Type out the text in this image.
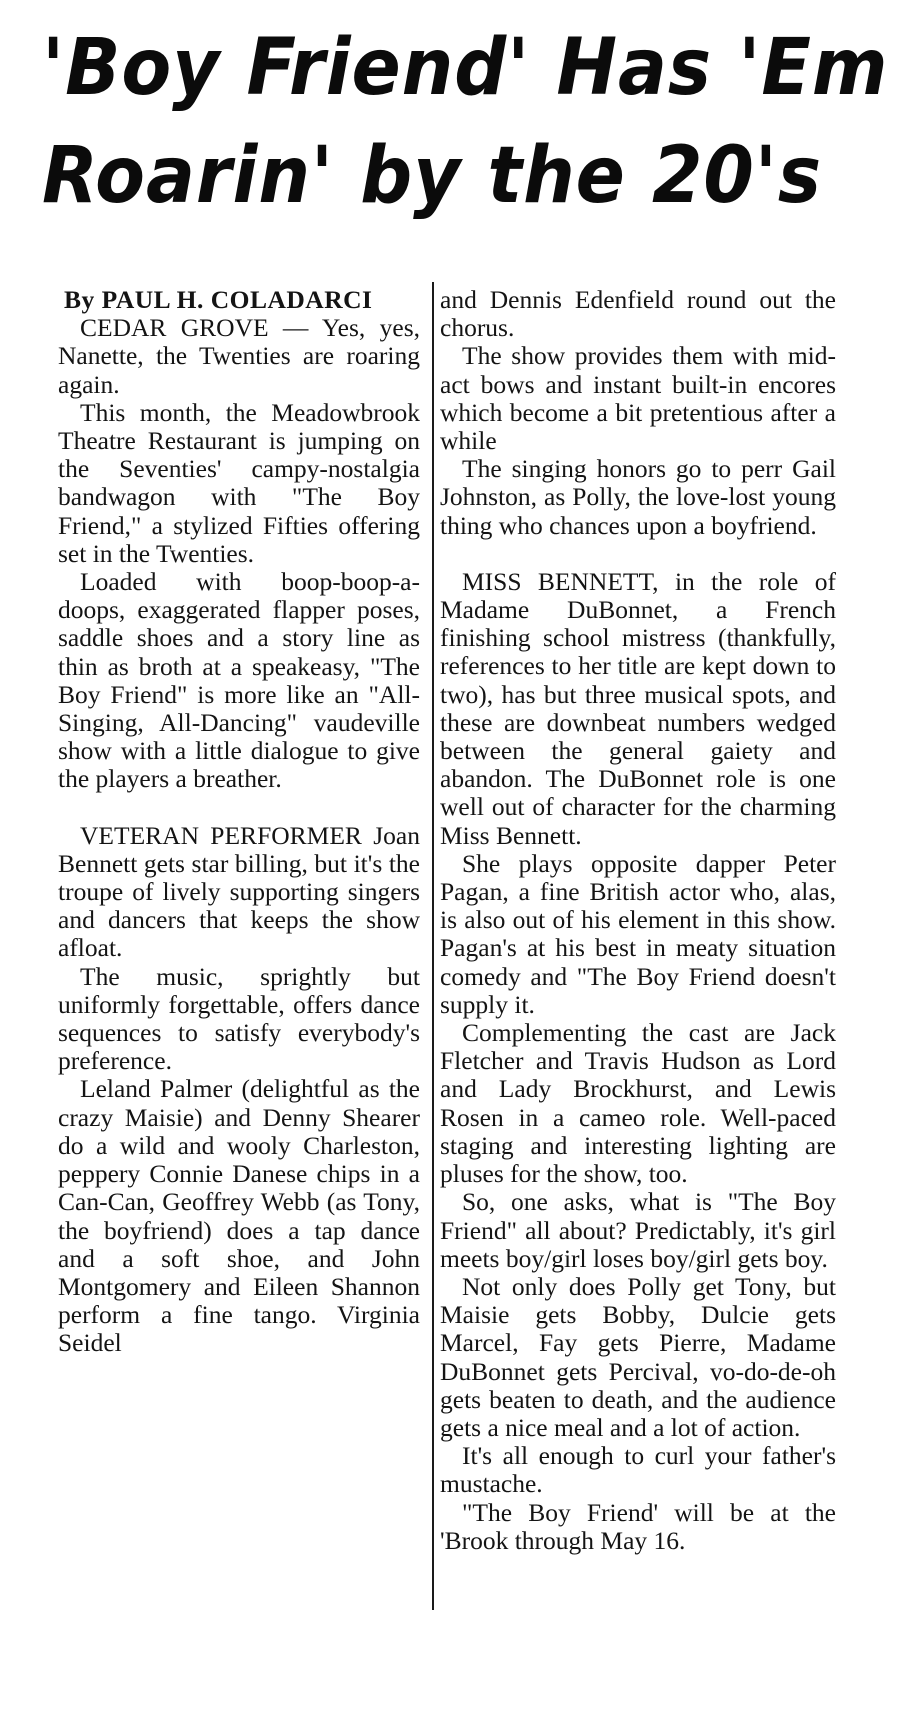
'Boy Friend' Has 'Em
Roarin' by the 20's

By PAUL H. COLADARCI

CEDAR GROVE — Yes, yes, Nanette, the Twenties are roaring again.

This month, the Meadowbrook Theatre Restaurant is jumping on the Seventies' campy-nostalgia bandwagon with "The Boy Friend," a stylized Fifties offering set in the Twenties.

Loaded with boop-boop-a-doops, exaggerated flapper poses, saddle shoes and a story line as thin as broth at a speakeasy, "The Boy Friend" is more like an "All-Singing, All-Dancing" vaudeville show with a little dialogue to give the players a breather.

VETERAN PERFORMER Joan Bennett gets star billing, but it's the troupe of lively supporting singers and dancers that keeps the show afloat.

The music, sprightly but uniformly forgettable, offers dance sequences to satisfy everybody's preference.

Leland Palmer (delightful as the crazy Maisie) and Denny Shearer do a wild and wooly Charleston, peppery Connie Danese chips in a Can-Can, Geoffrey Webb (as Tony, the boyfriend) does a tap dance and a soft shoe, and John Montgomery and Eileen Shannon perform a fine tango. Virginia Seidel

and Dennis Edenfield round out the chorus.

The show provides them with mid-act bows and instant built-in encores which become a bit pretentious after a while

The singing honors go to perr Gail Johnston, as Polly, the love-lost young thing who chances upon a boyfriend.

MISS BENNETT, in the role of Madame DuBonnet, a French finishing school mistress (thankfully, references to her title are kept down to two), has but three musical spots, and these are downbeat numbers wedged between the general gaiety and abandon. The DuBonnet role is one well out of character for the charming Miss Bennett.

She plays opposite dapper Peter Pagan, a fine British actor who, alas, is also out of his element in this show. Pagan's at his best in meaty situation comedy and "The Boy Friend doesn't supply it.

Complementing the cast are Jack Fletcher and Travis Hudson as Lord and Lady Brockhurst, and Lewis Rosen in a cameo role. Well-paced staging and interesting lighting are pluses for the show, too.

So, one asks, what is "The Boy Friend" all about? Predictably, it's girl meets boy/girl loses boy/girl gets boy.

Not only does Polly get Tony, but Maisie gets Bobby, Dulcie gets Marcel, Fay gets Pierre, Madame DuBonnet gets Percival, vo-do-de-oh gets beaten to death, and the audience gets a nice meal and a lot of action.

It's all enough to curl your father's mustache.

"The Boy Friend' will be at the 'Brook through May 16.
